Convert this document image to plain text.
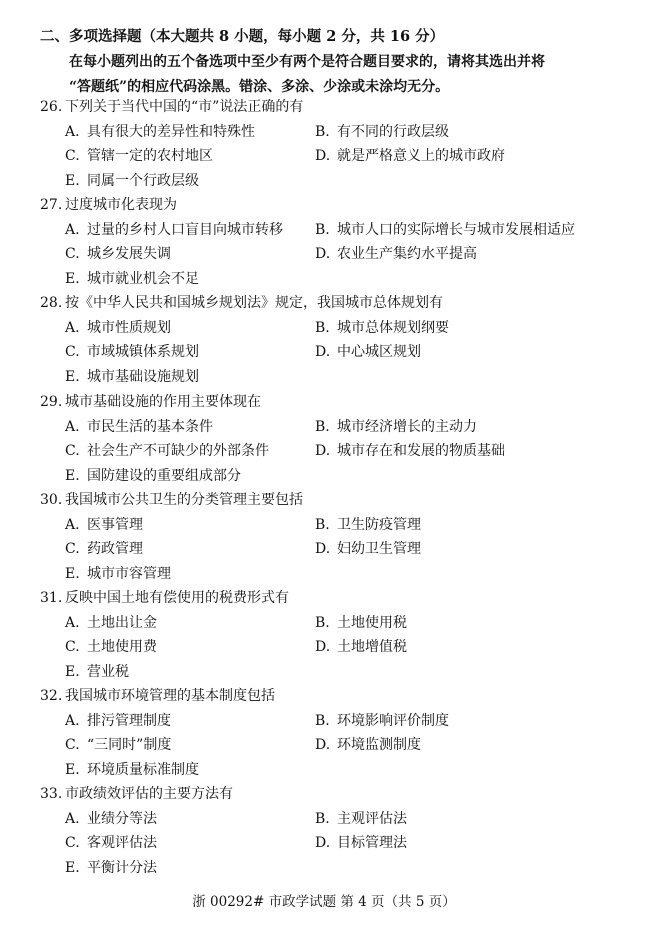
二、多项选择题（本大题共 8 小题，每小题 2 分，共 16 分）
在每小题列出的五个备选项中至少有两个是符合题目要求的，请将其选出并将
“答题纸”的相应代码涂黑。错涂、多涂、少涂或未涂均无分。
26. 下列关于当代中国的“市”说法正确的有
A. 具有很大的差异性和特殊性	B. 有不同的行政层级
C. 管辖一定的农村地区	D. 就是严格意义上的城市政府
E. 同属一个行政层级
27. 过度城市化表现为
A. 过量的乡村人口盲目向城市转移 B. 城市人口的实际增长与城市发展相适应
C. 城乡发展失调	D. 农业生产集约水平提高
E. 城市就业机会不足
28. 按《中华人民共和国城乡规划法》规定，我国城市总体规划有
A. 城市性质规划	B. 城市总体规划纲要
C. 市域城镇体系规划	D. 中心城区规划
E. 城市基础设施规划
29. 城市基础设施的作用主要体现在
A. 市民生活的基本条件	B. 城市经济增长的主动力
C. 社会生产不可缺少的外部条件	D. 城市存在和发展的物质基础
E. 国防建设的重要组成部分
30. 我国城市公共卫生的分类管理主要包括
A. 医事管理	B. 卫生防疫管理
C. 药政管理	D. 妇幼卫生管理
E. 城市市容管理
31. 反映中国土地有偿使用的税费形式有
A. 土地出让金	B. 土地使用税
C. 土地使用费	D. 土地增值税
E. 营业税
32. 我国城市环境管理的基本制度包括
A. 排污管理制度	B. 环境影响评价制度
C. “三同时”制度	D. 环境监测制度
E. 环境质量标准制度
33. 市政绩效评估的主要方法有
A. 业绩分等法	B. 主观评估法
C. 客观评估法	D. 目标管理法
E. 平衡计分法
浙 00292# 市政学试题 第 4 页（共 5 页）
